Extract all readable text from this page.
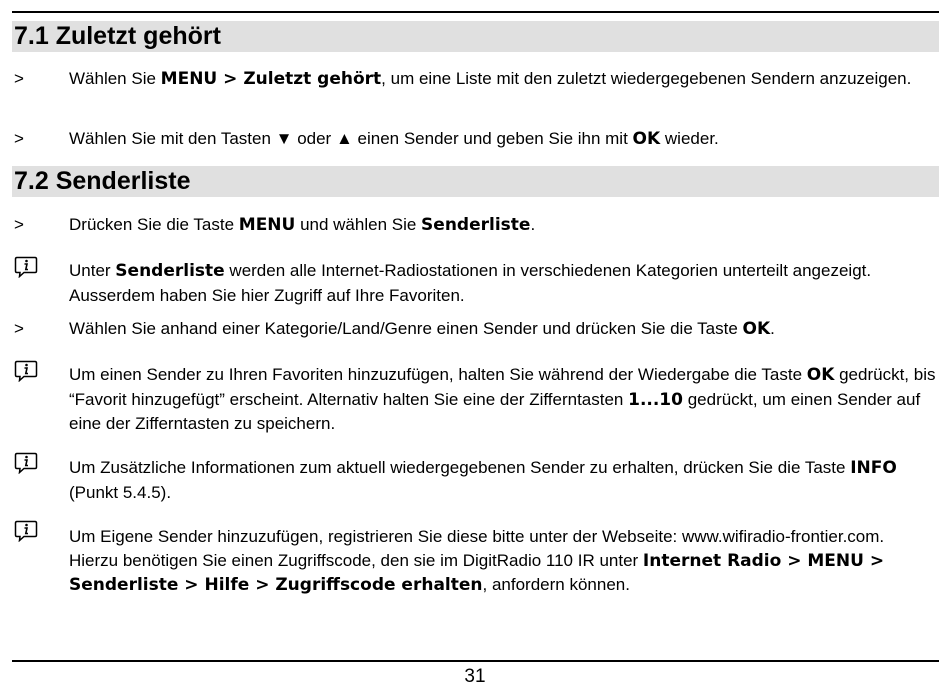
7.1 Zuletzt gehört
>	Wählen Sie MENU > Zuletzt gehört, um eine Liste mit den zuletzt wiedergegebenen Sendern anzuzeigen.
>	Wählen Sie mit den Tasten ▼ oder ▲ einen Sender und geben Sie ihn mit OK wieder.
7.2 Senderliste
>	Drücken Sie die Taste MENU und wählen Sie Senderliste.
Unter Senderliste werden alle Internet-Radiostationen in verschiedenen Kategorien unterteilt angezeigt. Ausserdem haben Sie hier Zugriff auf Ihre Favoriten.
>	Wählen Sie anhand einer Kategorie/Land/Genre einen Sender und drücken Sie die Taste OK.
Um einen Sender zu Ihren Favoriten hinzuzufügen, halten Sie während der Wiedergabe die Taste OK gedrückt, bis “Favorit hinzugefügt” erscheint. Alternativ halten Sie eine der Zifferntasten 1...10 gedrückt, um einen Sender auf eine der Zifferntasten zu speichern.
Um Zusätzliche Informationen zum aktuell wiedergegebenen Sender zu erhalten, drücken Sie die Taste INFO (Punkt 5.4.5).
Um Eigene Sender hinzuzufügen, registrieren Sie diese bitte unter der Webseite: www.wifiradio-frontier.com. Hierzu benötigen Sie einen Zugriffscode, den sie im DigitRadio 110 IR unter Internet Radio > MENU > Senderliste > Hilfe > Zugriffscode erhalten, anfordern können.
31
